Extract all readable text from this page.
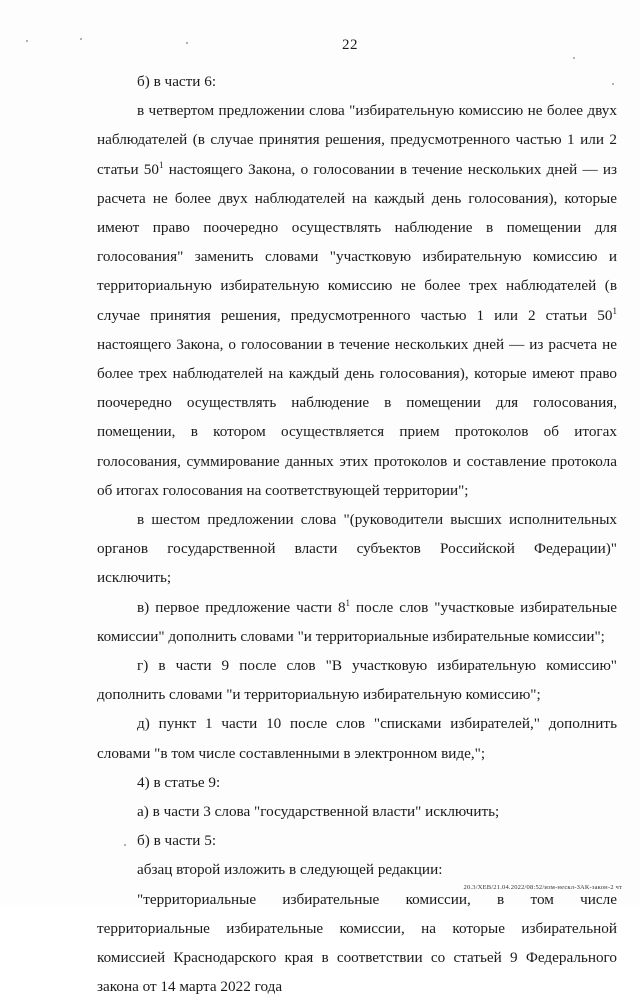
22

б) в части 6:

в четвертом предложении слова "избирательную комиссию не более двух наблюдателей (в случае принятия решения, предусмотренного частью 1 или 2 статьи $50^1$ настоящего Закона, о голосовании в течение нескольких дней — из расчета не более двух наблюдателей на каждый день голосования), которые имеют право поочередно осуществлять наблюдение в помещении для голосования" заменить словами "участковую избирательную комиссию и территориальную избирательную комиссию не более трех наблюдателей (в случае принятия решения, предусмотренного частью 1 или 2 статьи $50^1$ настоящего Закона, о голосовании в течение нескольких дней — из расчета не более трех наблюдателей на каждый день голосования), которые имеют право поочередно осуществлять наблюдение в помещении для голосования, помещении, в котором осуществляется прием протоколов об итогах голосования, суммирование данных этих протоколов и составление протокола об итогах голосования на соответствующей территории";

в шестом предложении слова "(руководители высших исполнительных органов государственной власти субъектов Российской Федерации)" исключить;

в) первое предложение части $8^1$ после слов "участковые избирательные комиссии" дополнить словами "и территориальные избирательные комиссии";

г) в части 9 после слов "В участковую избирательную комиссию" дополнить словами "и территориальную избирательную комиссию";

д) пункт 1 части 10 после слов "списками избирателей," дополнить словами "в том числе составленными в электронном виде,";

4) в статье 9:

а) в части 3 слова "государственной власти" исключить;

б) в части 5:

абзац второй изложить в следующей редакции:

"территориальные избирательные комиссии, в том числе территориальные избирательные комиссии, на которые избирательной комиссией Краснодарского края в соответствии со статьей 9 Федерального закона от 14 марта 2022 года

20.3/ХЕВ/21.04.2022/08:52/изм-нескл-ЗАК-закон-2 чт
